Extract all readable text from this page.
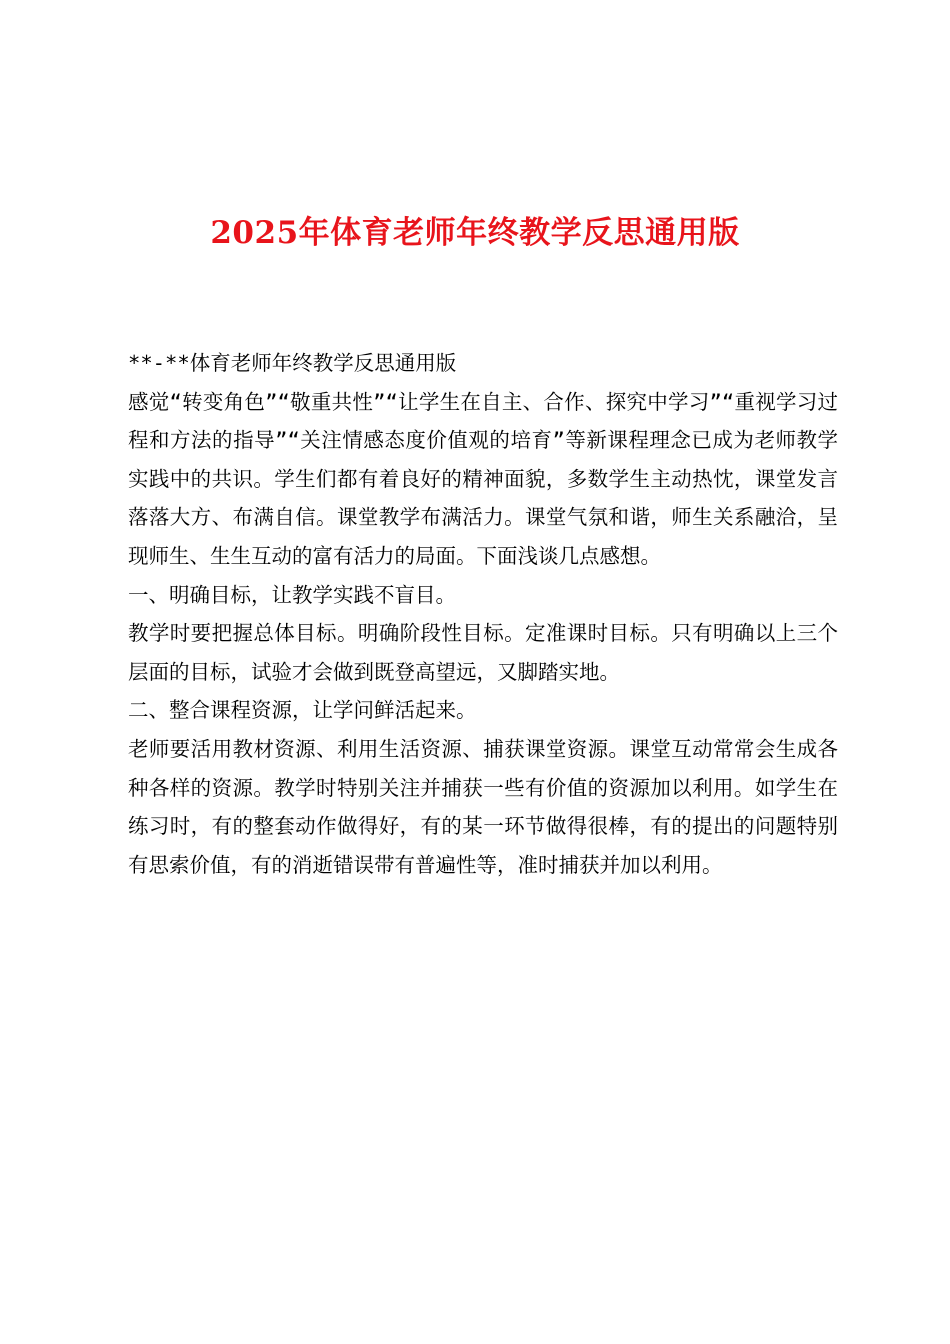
2025年体育老师年终教学反思通用版

**-**体育老师年终教学反思通用版

感觉“转变角色”“敬重共性”“让学生在自主、合作、探究中学习”“重视学习过程和方法的指导”“关注情感态度价值观的培育”等新课程理念已成为老师教学实践中的共识。学生们都有着良好的精神面貌，多数学生主动热忱，课堂发言落落大方、布满自信。课堂教学布满活力。课堂气氛和谐，师生关系融洽，呈现师生、生生互动的富有活力的局面。下面浅谈几点感想。

一、明确目标，让教学实践不盲目。

教学时要把握总体目标。明确阶段性目标。定准课时目标。只有明确以上三个层面的目标，试验才会做到既登高望远，又脚踏实地。

二、整合课程资源，让学问鲜活起来。

老师要活用教材资源、利用生活资源、捕获课堂资源。课堂互动常常会生成各种各样的资源。教学时特别关注并捕获一些有价值的资源加以利用。如学生在练习时，有的整套动作做得好，有的某一环节做得很棒，有的提出的问题特别有思索价值，有的消逝错误带有普遍性等，准时捕获并加以利用。
